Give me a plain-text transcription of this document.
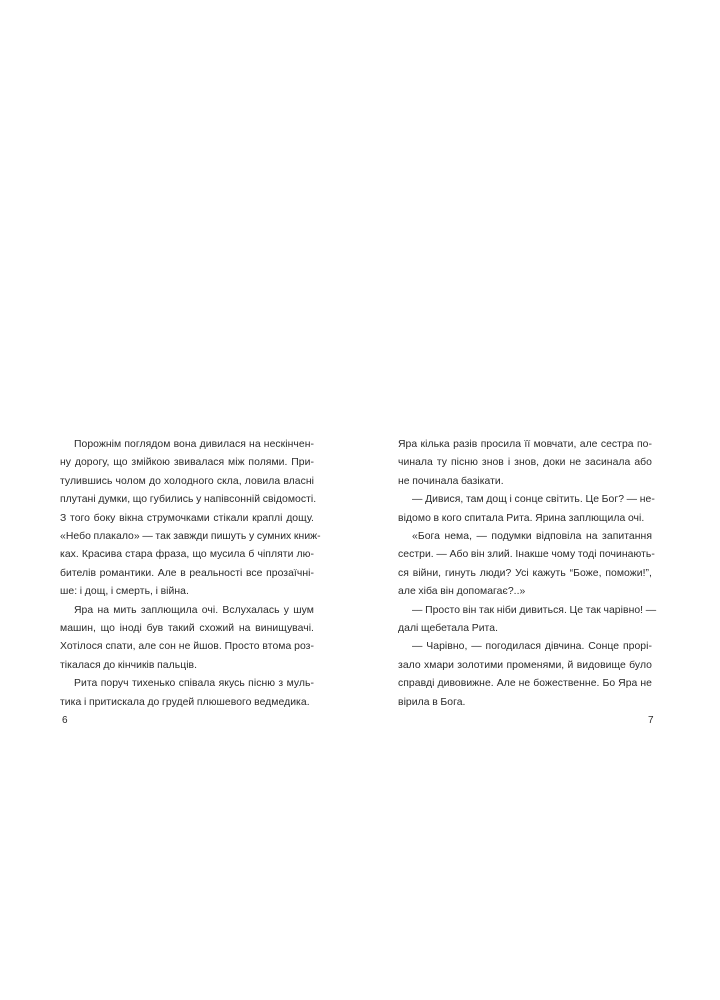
Порожнім поглядом вона дивилася на нескінчен-
ну дорогу, що змійкою звивалася між полями. При-
тулившись чолом до холодного скла, ловила власні
плутані думки, що губились у напівсонній свідомості.
З того боку вікна струмочками стікали краплі дощу.
«Небо плакало» — так завжди пишуть у сумних книж-
ках. Красива стара фраза, що мусила б чіпляти лю-
бителів романтики. Але в реальності все прозаїчні-
ше: і дощ, і смерть, і війна.
Яра на мить заплющила очі. Вслухалась у шум
машин, що іноді був такий схожий на винищувачі.
Хотілося спати, але сон не йшов. Просто втома роз-
тікалася до кінчиків пальців.
Рита поруч тихенько співала якусь пісню з муль-
тика і притискала до грудей плюшевого ведмедика.
6
Яра кілька разів просила її мовчати, але сестра по-
чинала ту пісню знов і знов, доки не засинала або
не починала базікати.
— Дивися, там дощ і сонце світить. Це Бог? — не-
відомо в кого спитала Рита. Ярина заплющила очі.
«Бога нема, — подумки відповіла на запитання
сестри. — Або він злий. Інакше чому тоді починають-
ся війни, гинуть люди? Усі кажуть “Боже, поможи!”,
але хіба він допомагає?..»
— Просто він так ніби дивиться. Це так чарівно! —
далі щебетала Рита.
— Чарівно, — погодилася дівчина. Сонце прорі-
зало хмари золотими променями, й видовище було
справді дивовижне. Але не божественне. Бо Яра не
вірила в Бога.
7
